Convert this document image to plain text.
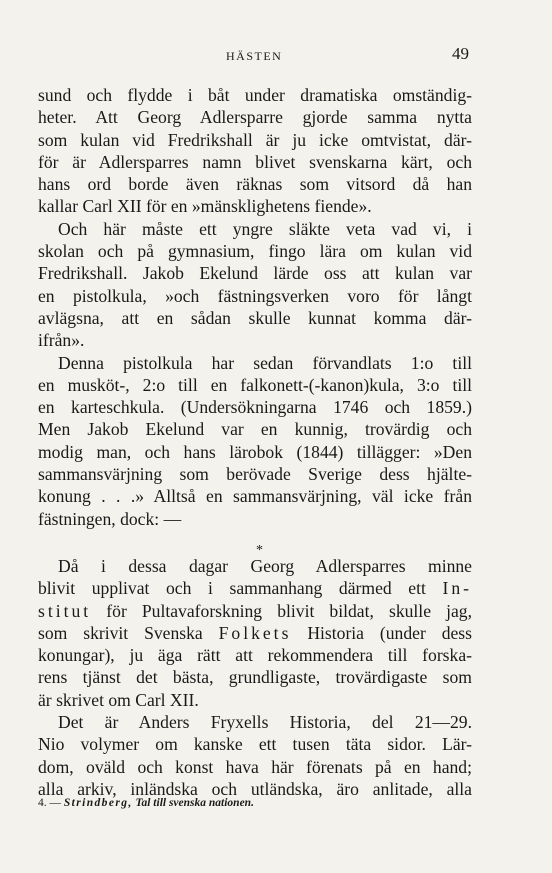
HÄSTEN	49
sund och flydde i båt under dramatiska omständig-
heter. Att Georg Adlersparre gjorde samma nytta
som kulan vid Fredrikshall är ju icke omtvistat, där-
för är Adlersparres namn blivet svenskarna kärt, och
hans ord borde även räknas som vitsord då han
kallar Carl XII för en »mänsklighetens fiende».
Och här måste ett yngre släkte veta vad vi, i
skolan och på gymnasium, fingo lära om kulan vid
Fredrikshall. Jakob Ekelund lärde oss att kulan var
en pistolkula, »och fästningsverken voro för långt
avlägsna, att en sådan skulle kunnat komma där-
ifrån».
Denna pistolkula har sedan förvandlats 1:o till
en musköt-, 2:o till en falkonett-(-kanon)kula, 3:o till
en karteschkula. (Undersökningarna 1746 och 1859.)
Men Jakob Ekelund var en kunnig, trovärdig och
modig man, och hans lärobok (1844) tillägger: »Den
sammansvärjning som berövade Sverige dess hjälte-
konung . . .» Alltså en sammansvärjning, väl icke från
fästningen, dock: —
*
Då i dessa dagar Georg Adlersparres minne
blivit upplivat och i sammanhang därmed ett In-
stitut för Pultavaforskning blivit bildat, skulle jag,
som skrivit Svenska Folkets Historia (under dess
konungar), ju äga rätt att rekommendera till forska-
rens tjänst det bästa, grundligaste, trovärdigaste som
är skrivet om Carl XII.
Det är Anders Fryxells Historia, del 21—29.
Nio volymer om kanske ett tusen täta sidor. Lär-
dom, oväld och konst hava här förenats på en hand;
alla arkiv, inländska och utländska, äro anlitade, alla
4. — Strindberg, Tal till svenska nationen.
